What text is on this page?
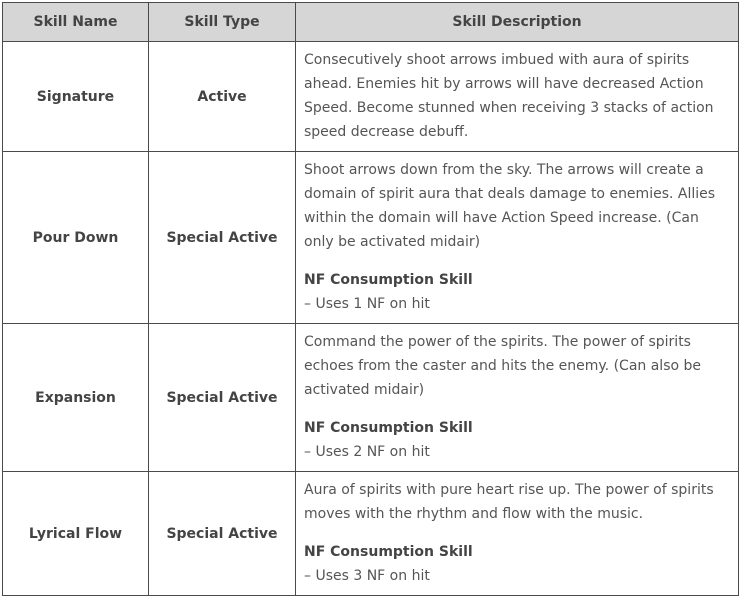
Skill Name	Skill Type	Skill Description
Signature	Active	Consecutively shoot arrows imbued with aura of spirits ahead. Enemies hit by arrows will have decreased Action Speed. Become stunned when receiving 3 stacks of action speed decrease debuff.

Pour Down	Special Active	Shoot arrows down from the sky. The arrows will create a domain of spirit aura that deals damage to enemies. Allies within the domain will have Action Speed increase. (Can only be activated midair)

NF Consumption Skill
– Uses 1 NF on hit

Expansion	Special Active	Command the power of the spirits. The power of spirits echoes from the caster and hits the enemy. (Can also be activated midair)

NF Consumption Skill
– Uses 2 NF on hit

Lyrical Flow	Special Active	Aura of spirits with pure heart rise up. The power of spirits moves with the rhythm and flow with the music.

NF Consumption Skill
– Uses 3 NF on hit
